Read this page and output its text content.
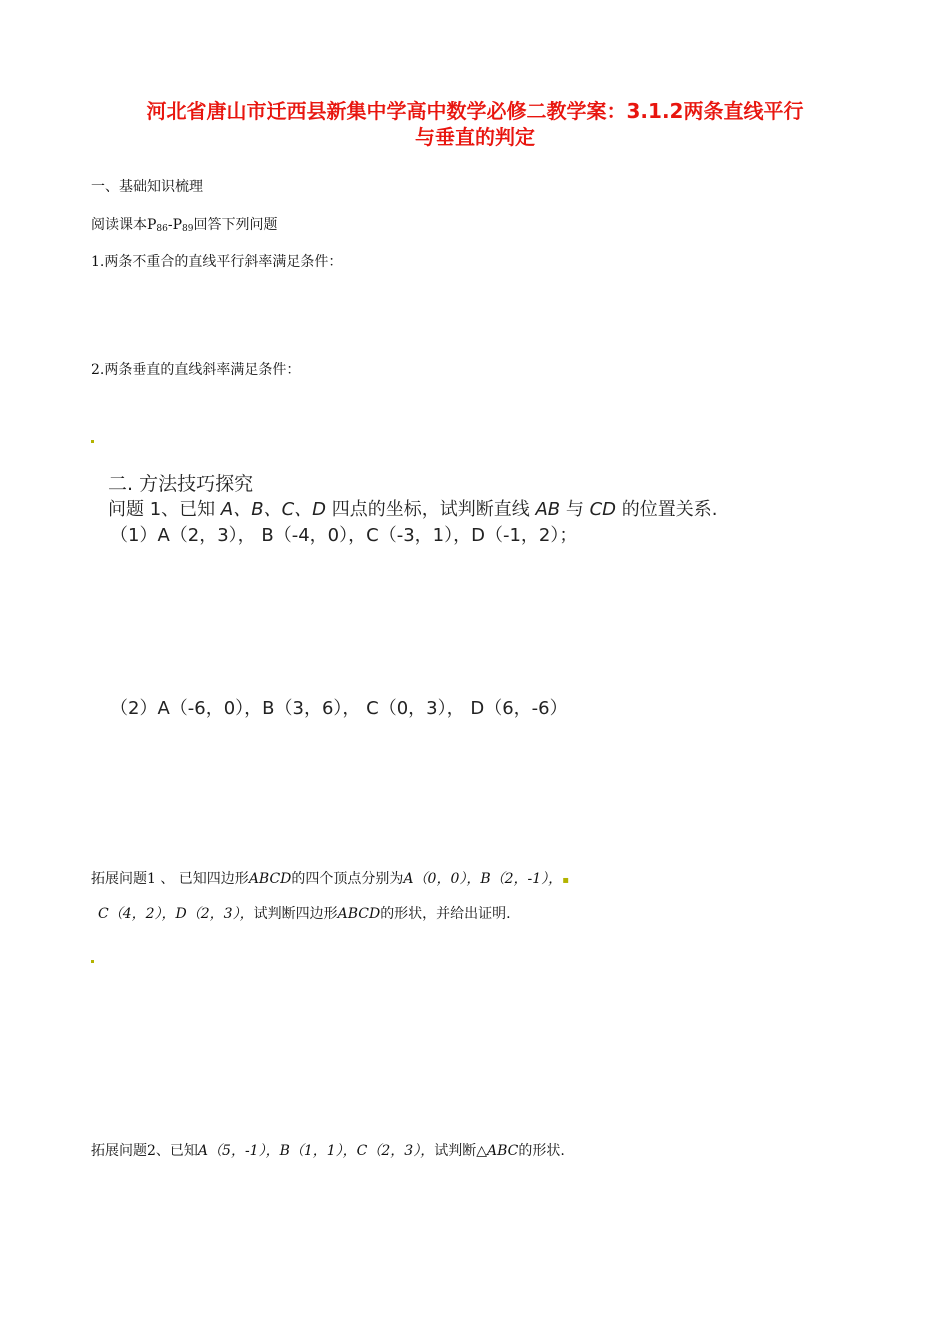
河北省唐山市迁西县新集中学高中数学必修二教学案：3.1.2两条直线平行
与垂直的判定
一、基础知识梳理
阅读课本$P_{86}-P_{89}$回答下列问题
1.两条不重合的直线平行斜率满足条件：
2.两条垂直的直线斜率满足条件：
二. 方法技巧探究
问题 1、已知 A、B、C、D 四点的坐标，试判断直线 AB 与 CD 的位置关系.
（1）A（2，3）， B（-4，0），C（-3，1），D（-1，2）；
（2）A（-6，0），B（3，6）， C（0，3）， D（6，-6）
拓展问题1 、 已知四边形ABCD的四个顶点分别为A（0，0），B（2，-1），▪
C（4，2），D（2，3），试判断四边形ABCD的形状，并给出证明.
拓展问题2、已知A（5，-1），B（1，1），C（2，3），试判断△ABC的形状.
